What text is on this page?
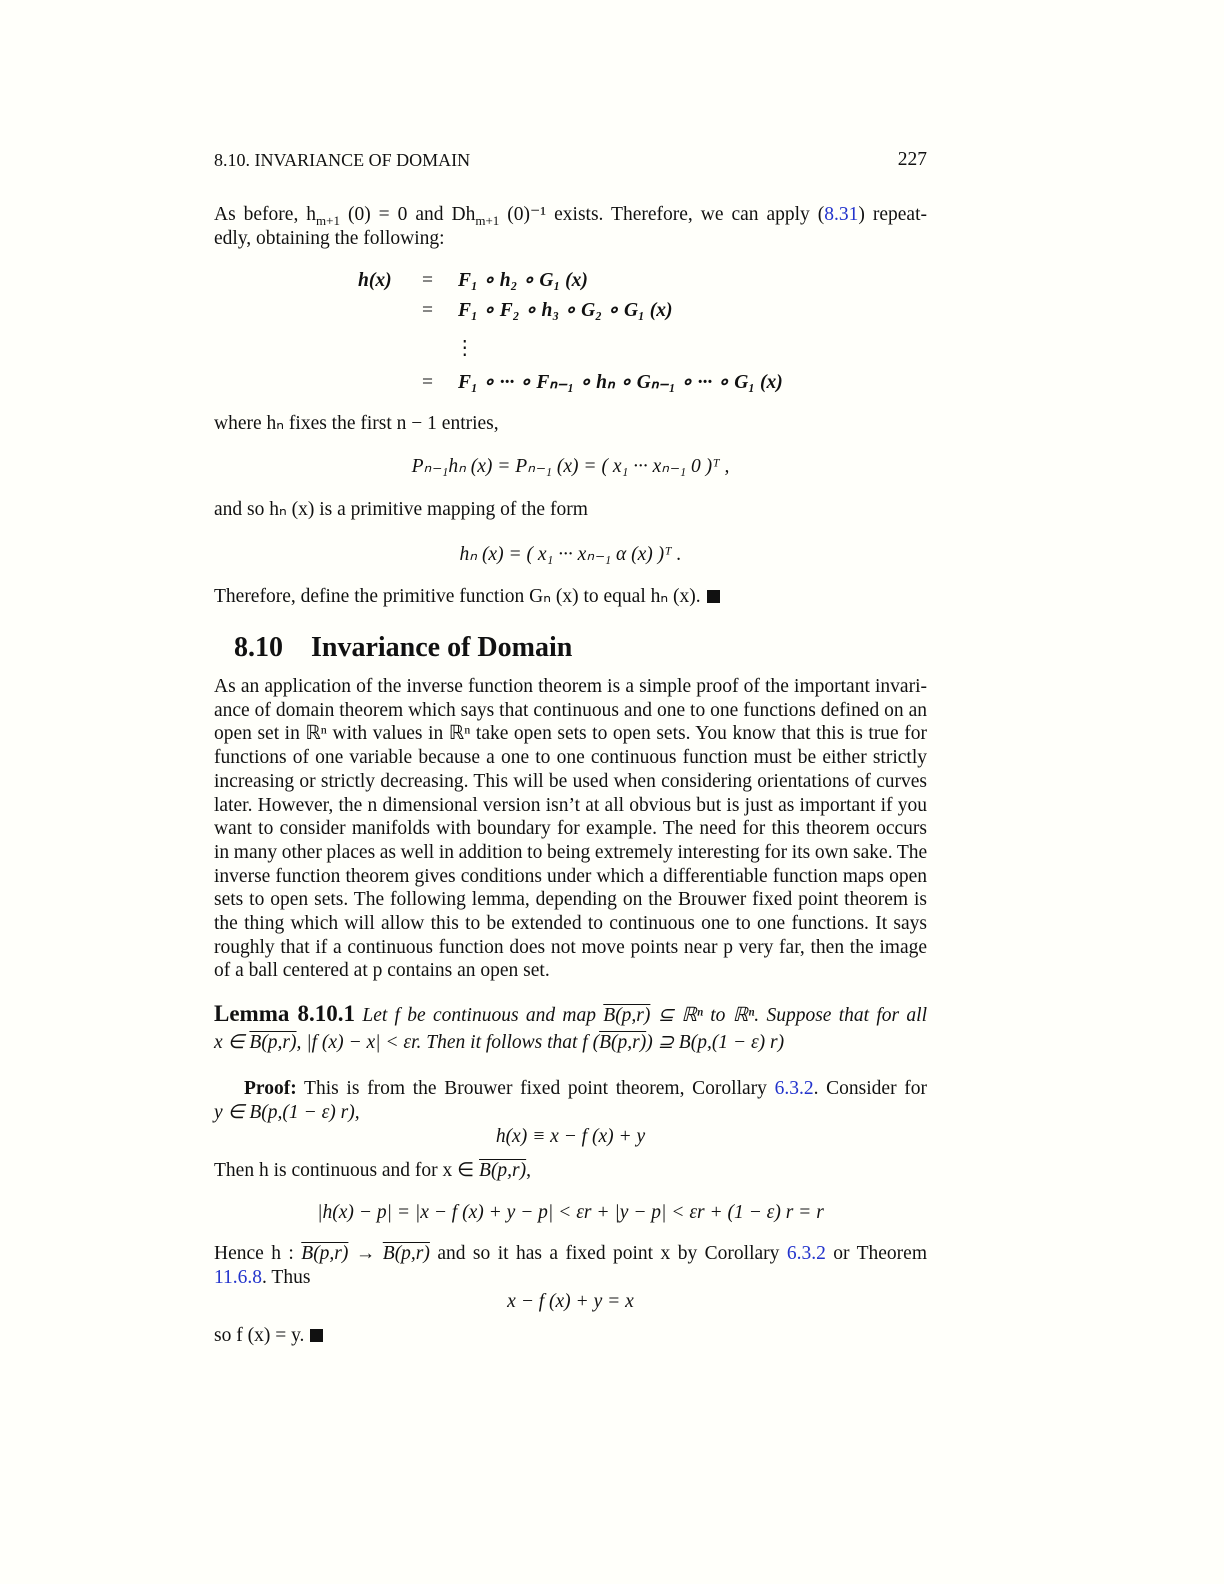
8.10. INVARIANCE OF DOMAIN	227
As before, $h_{m+1}$ (0) = 0 and $Dh_{m+1}$ (0)⁻¹ exists. Therefore, we can apply (8.31) repeat-
edly, obtaining the following:
h(x) = F₁ ∘ h₂ ∘ G₁ (x)
= F₁ ∘ F₂ ∘ h₃ ∘ G₂ ∘ G₁ (x)
⋮
= F₁ ∘ ··· ∘ Fₙ₋₁ ∘ hₙ ∘ Gₙ₋₁ ∘ ··· ∘ G₁ (x)
where hₙ fixes the first n − 1 entries,
Pₙ₋₁hₙ (x) = Pₙ₋₁ (x) = ( x₁ ··· xₙ₋₁ 0 )ᵀ ,
and so hₙ (x) is a primitive mapping of the form
hₙ (x) = ( x₁ ··· xₙ₋₁ α (x) )ᵀ .
Therefore, define the primitive function Gₙ (x) to equal hₙ (x).
8.10 Invariance of Domain
As an application of the inverse function theorem is a simple proof of the important invari-
ance of domain theorem which says that continuous and one to one functions defined on an
open set in ℝⁿ with values in ℝⁿ take open sets to open sets. You know that this is true for
functions of one variable because a one to one continuous function must be either strictly
increasing or strictly decreasing. This will be used when considering orientations of curves
later. However, the n dimensional version isn’t at all obvious but is just as important if you
want to consider manifolds with boundary for example. The need for this theorem occurs
in many other places as well in addition to being extremely interesting for its own sake. The
inverse function theorem gives conditions under which a differentiable function maps open
sets to open sets. The following lemma, depending on the Brouwer fixed point theorem is
the thing which will allow this to be extended to continuous one to one functions. It says
roughly that if a continuous function does not move points near p very far, then the image
of a ball centered at p contains an open set.
Lemma 8.10.1 Let f be continuous and map B(p,r) ⊆ ℝⁿ to ℝⁿ. Suppose that for all
x ∈ B(p,r), |f (x) − x| < εr. Then it follows that f (B(p,r)) ⊇ B(p,(1 − ε) r)
Proof: This is from the Brouwer fixed point theorem, Corollary 6.3.2. Consider for
y ∈ B(p,(1 − ε) r),
h(x) ≡ x − f (x) + y
Then h is continuous and for x ∈ B(p,r),
|h(x) − p| = |x − f (x) + y − p| < εr + |y − p| < εr + (1 − ε) r = r
Hence h : B(p,r) → B(p,r) and so it has a fixed point x by Corollary 6.3.2 or Theorem
11.6.8. Thus
x − f (x) + y = x
so f (x) = y.
